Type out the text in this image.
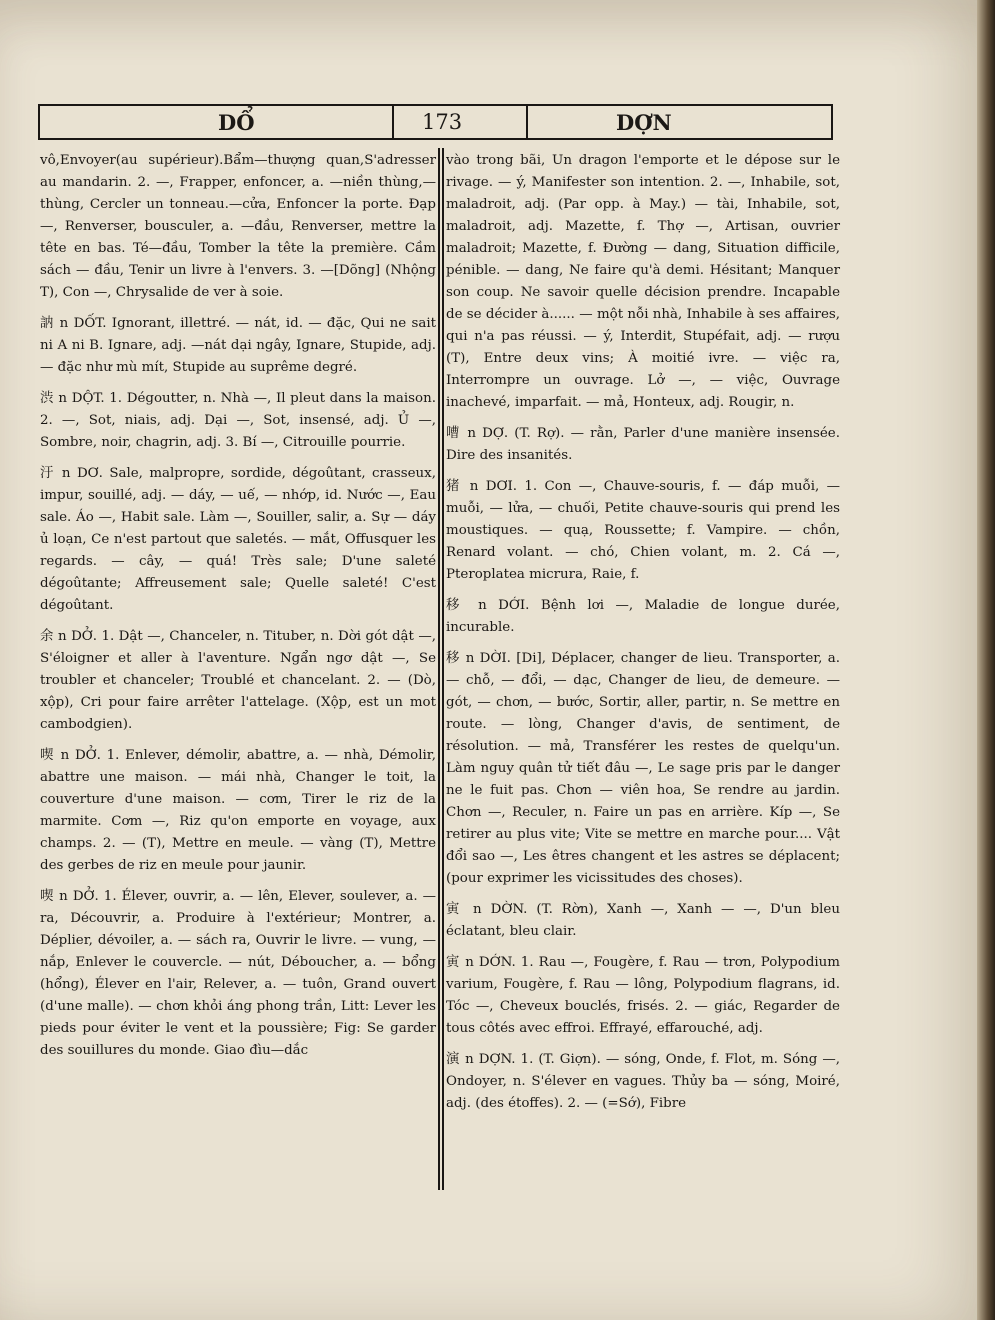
DỔ	173	DỢN

vô,Envoyer(au supérieur).Bẩm—thượng quan,S'adresser au mandarin. 2. —, Frapper, enfoncer, a. —niền thùng,—thùng, Cercler un tonneau.—cửa, Enfoncer la porte. Đạp —, Renverser, bousculer, a. —đầu, Renverser, mettre la tête en bas. Té—đầu, Tomber la tête la première. Cầm sách — đầu, Tenir un livre à l'envers. 3. —[Dõng] (Nhộng T), Con —, Chrysalide de ver à soie.

訥 n DỐT. Ignorant, illettré. — nát, id. — đặc, Qui ne sait ni A ni B. Ignare, adj. —nát dại ngây, Ignare, Stupide, adj. — đặc như mù mít, Stupide au suprême degré.

渋 n DỘT. 1. Dégoutter, n. Nhà —, Il pleut dans la maison. 2. —, Sot, niais, adj. Dại —, Sot, insensé, adj. Ủ —, Sombre, noir, chagrin, adj. 3. Bí —, Citrouille pourrie.

汙 n DƠ. Sale, malpropre, sordide, dégoûtant, crasseux, impur, souillé, adj. — dáy, — uế, — nhớp, id. Nước —, Eau sale. Áo —, Habit sale. Làm —, Souiller, salir, a. Sự — dáy ủ loạn, Ce n'est partout que saletés. — mắt, Offusquer les regards. — cây, — quá! Très sale; D'une saleté dégoûtante; Affreusement sale; Quelle saleté! C'est dégoûtant.

余 n DỞ. 1. Dật —, Chanceler, n. Tituber, n. Dời gót dật —, S'éloigner et aller à l'aventure. Ngẩn ngơ dật —, Se troubler et chanceler; Troublé et chancelant. 2. — (Dò, xộp), Cri pour faire arrêter l'attelage. (Xộp, est un mot cambodgien).

喫 n DỞ. 1. Enlever, démolir, abattre, a. — nhà, Démolir, abattre une maison. — mái nhà, Changer le toit, la couverture d'une maison. — cơm, Tirer le riz de la marmite. Cơm —, Riz qu'on emporte en voyage, aux champs. 2. — (T), Mettre en meule. — vàng (T), Mettre des gerbes de riz en meule pour jaunir.

喫 n DỞ. 1. Élever, ouvrir, a. — lên, Elever, soulever, a. — ra, Découvrir, a. Produire à l'extérieur; Montrer, a. Déplier, dévoiler, a. — sách ra, Ouvrir le livre. — vung, — nắp, Enlever le couvercle. — nút, Déboucher, a. — bổng (hổng), Élever en l'air, Relever, a. — tuôn, Grand ouvert (d'une malle). — chơn khỏi áng phong trần, Litt: Lever les pieds pour éviter le vent et la poussière; Fig: Se garder des souillures du monde. Giao đìu—dắc

vào trong bãi, Un dragon l'emporte et le dépose sur le rivage. — ý, Manifester son intention. 2. —, Inhabile, sot, maladroit, adj. (Par opp. à May.) — tài, Inhabile, sot, maladroit, adj. Mazette, f. Thợ —, Artisan, ouvrier maladroit; Mazette, f. Đường — dang, Situation difficile, pénible. — dang, Ne faire qu'à demi. Hésitant; Manquer son coup. Ne savoir quelle décision prendre. Incapable de se décider à...... — một nỗi nhà, Inhabile à ses affaires, qui n'a pas réussi. — ý, Interdit, Stupéfait, adj. — rượu (T), Entre deux vins; À moitié ivre. — việc ra, Interrompre un ouvrage. Lở —, — việc, Ouvrage inachevé, imparfait. — mả, Honteux, adj. Rougir, n.

嘈 n DỢ. (T. Rợ). — rằn, Parler d'une manière insensée. Dire des insanités.

猪 n DƠI. 1. Con —, Chauve-souris, f. — đáp muỗi, — muỗi, — lửa, — chuối, Petite chauve-souris qui prend les moustiques. — quạ, Roussette; f. Vampire. — chồn, Renard volant. — chó, Chien volant, m. 2. Cá —, Pteroplatea micrura, Raie, f.

移 n DỚI. Bệnh lơi —, Maladie de longue durée, incurable.

移 n DỜI. [Di], Déplacer, changer de lieu. Transporter, a. — chỗ, — đổi, — dạc, Changer de lieu, de demeure. — gót, — chơn, — bước, Sortir, aller, partir, n. Se mettre en route. — lòng, Changer d'avis, de sentiment, de résolution. — mả, Transférer les restes de quelqu'un. Làm nguy quân tử tiết đâu —, Le sage pris par le danger ne le fuit pas. Chơn — viên hoa, Se rendre au jardin. Chơn —, Reculer, n. Faire un pas en arrière. Kíp —, Se retirer au plus vite; Vite se mettre en marche pour.... Vật đổi sao —, Les êtres changent et les astres se déplacent; (pour exprimer les vicissitudes des choses).

寅 n DỜN. (T. Rờn), Xanh —, Xanh — —, D'un bleu éclatant, bleu clair.

寅 n DỚN. 1. Rau —, Fougère, f. Rau — trơn, Polypodium varium, Fougère, f. Rau — lông, Polypodium flagrans, id. Tóc —, Cheveux bouclés, frisés. 2. — giác, Regarder de tous côtés avec effroi. Effrayé, effarouché, adj.

演 n DỢN. 1. (T. Giợn). — sóng, Onde, f. Flot, m. Sóng —, Ondoyer, n. S'élever en vagues. Thủy ba — sóng, Moiré, adj. (des étoffes). 2. — (=Sớ), Fibre
